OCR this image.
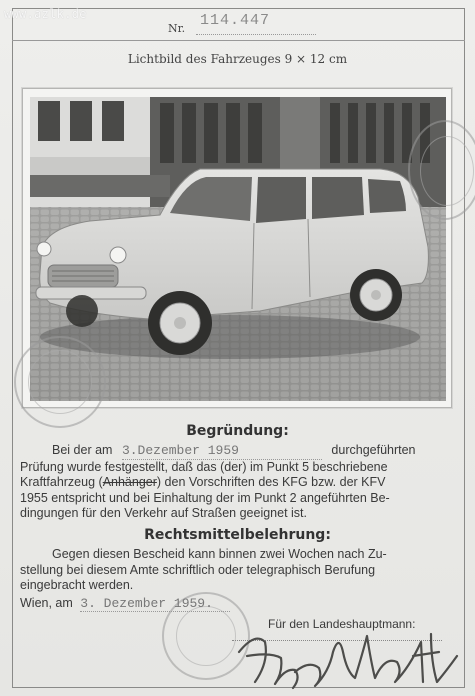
www.azlk.de
Nr. 114.447
Lichtbild des Fahrzeuges 9 × 12 cm
Begründung:
Bei der am 3.Dezember 1959	durchgeführten
Prüfung wurde festgestellt, daß das (der) im Punkt 5 beschriebene
Kraftfahrzeug (Anhänger) den Vorschriften des KFG bzw. der KFV
1955 entspricht und bei Einhaltung der im Punkt 2 angeführten Be-
dingungen für den Verkehr auf Straßen geeignet ist.
Rechtsmittelbelehrung:
Gegen diesen Bescheid kann binnen zwei Wochen nach Zu-
stellung bei diesem Amte schriftlich oder telegraphisch Berufung
eingebracht werden.
Wien, am 3. Dezember 1959.
Für den Landeshauptmann:
